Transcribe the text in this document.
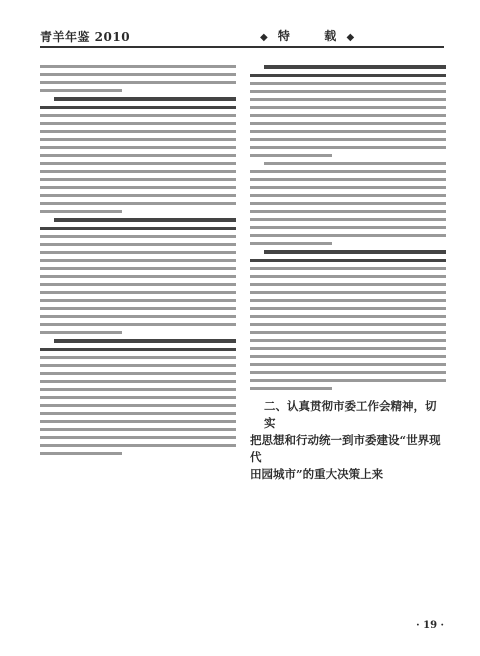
青羊年鉴 2010	◆ 特	载 ◆
二、认真贯彻市委工作会精神，切实
把思想和行动统一到市委建设“世界现代
田园城市”的重大决策上来
· 19 ·
